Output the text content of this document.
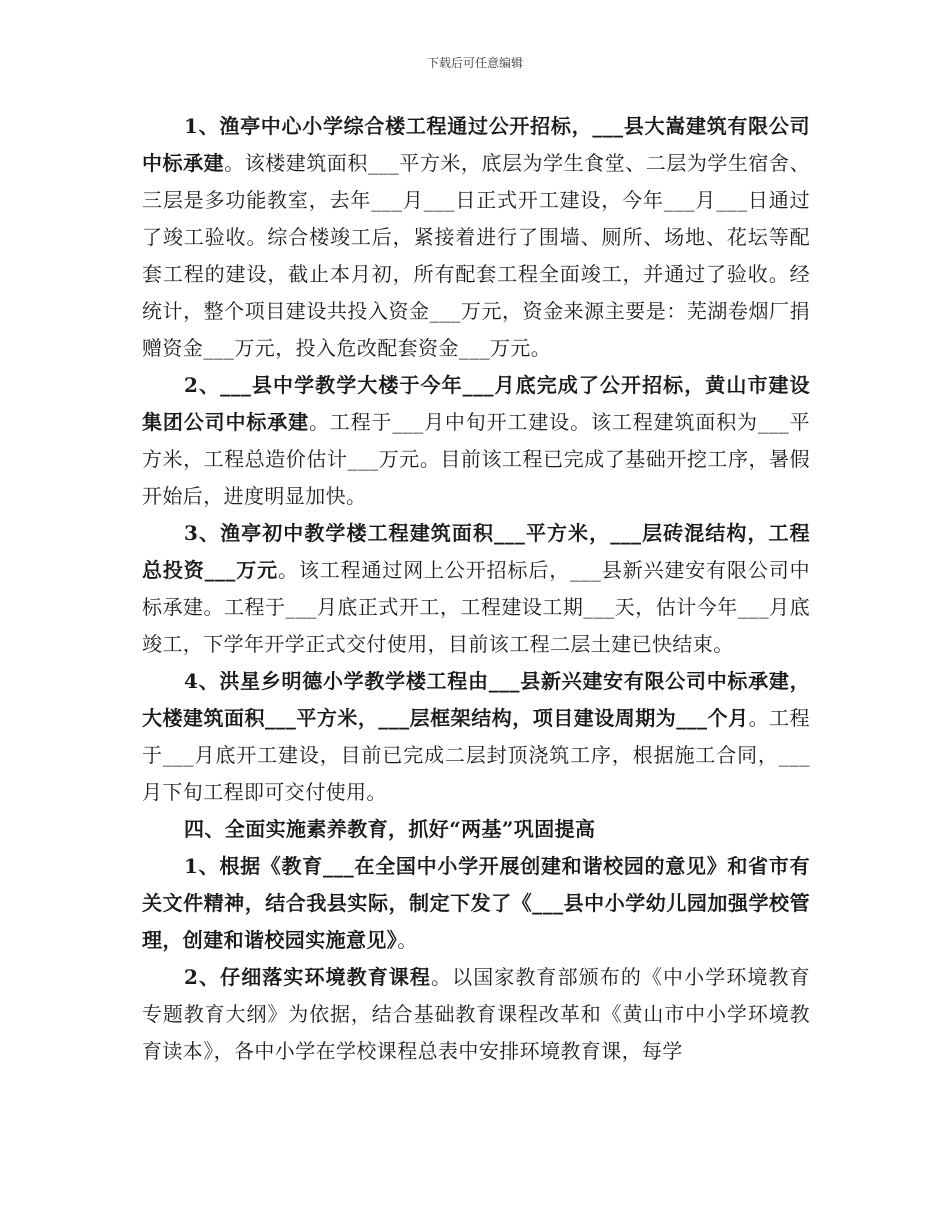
下载后可任意编辑

1、渔亭中心小学综合楼工程通过公开招标，___县大嵩建筑有限公司中标承建。该楼建筑面积___平方米，底层为学生食堂、二层为学生宿舍、三层是多功能教室，去年___月___日正式开工建设，今年___月___日通过了竣工验收。综合楼竣工后，紧接着进行了围墙、厕所、场地、花坛等配套工程的建设，截止本月初，所有配套工程全面竣工，并通过了验收。经统计，整个项目建设共投入资金___万元，资金来源主要是：芜湖卷烟厂捐赠资金___万元，投入危改配套资金___万元。

2、___县中学教学大楼于今年___月底完成了公开招标，黄山市建设集团公司中标承建。工程于___月中旬开工建设。该工程建筑面积为___平方米，工程总造价估计___万元。目前该工程已完成了基础开挖工序，暑假开始后，进度明显加快。

3、渔亭初中教学楼工程建筑面积___平方米，___层砖混结构，工程总投资___万元。该工程通过网上公开招标后，___县新兴建安有限公司中标承建。工程于___月底正式开工，工程建设工期___天，估计今年___月底竣工，下学年开学正式交付使用，目前该工程二层土建已快结束。

4、洪星乡明德小学教学楼工程由___县新兴建安有限公司中标承建，大楼建筑面积___平方米，___层框架结构，项目建设周期为___个月。工程于___月底开工建设，目前已完成二层封顶浇筑工序，根据施工合同，___月下旬工程即可交付使用。

四、全面实施素养教育，抓好“两基”巩固提高

1、根据《教育___在全国中小学开展创建和谐校园的意见》和省市有关文件精神，结合我县实际，制定下发了《___县中小学幼儿园加强学校管理，创建和谐校园实施意见》。

2、仔细落实环境教育课程。以国家教育部颁布的《中小学环境教育专题教育大纲》为依据，结合基础教育课程改革和《黄山市中小学环境教育读本》，各中小学在学校课程总表中安排环境教育课，每学
